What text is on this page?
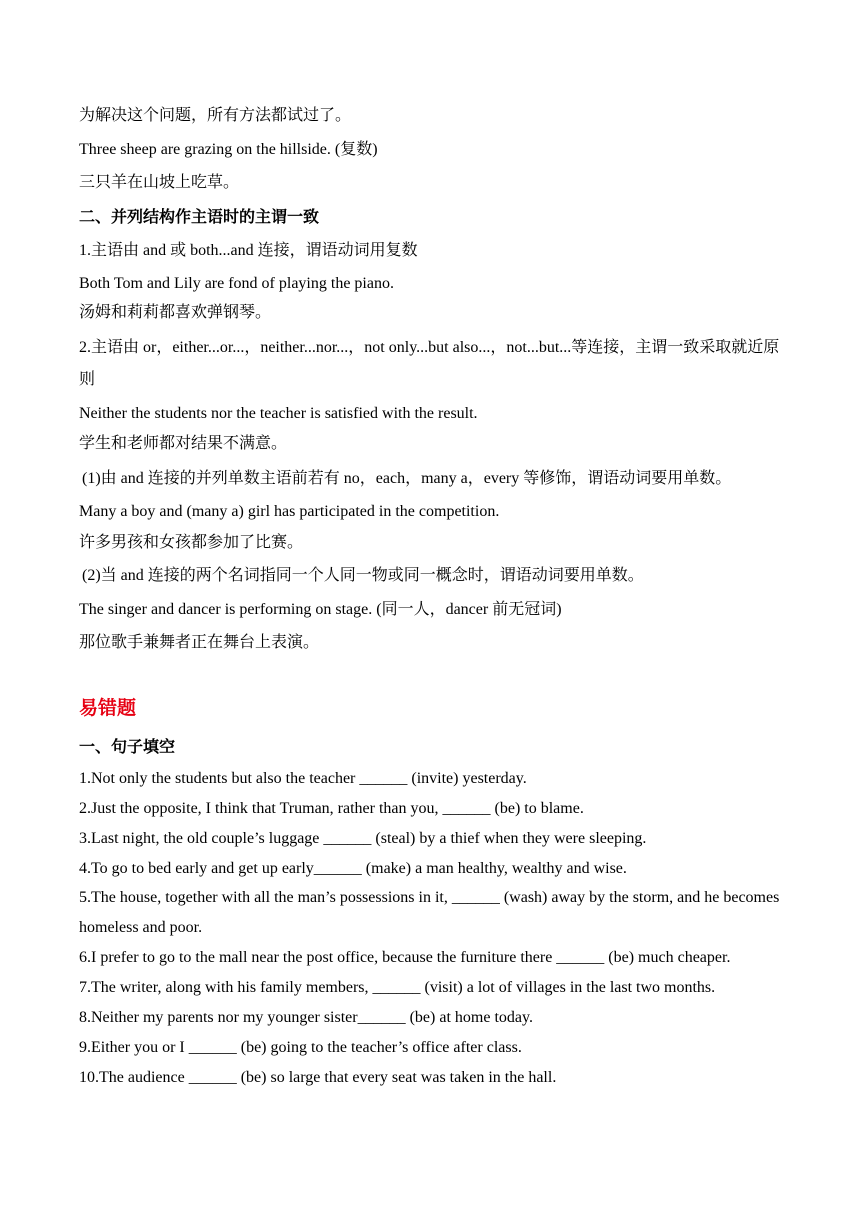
为解决这个问题，所有方法都试过了。
Three sheep are grazing on the hillside. (复数)
三只羊在山坡上吃草。
二、并列结构作主语时的主谓一致
1.主语由 and 或 both...and 连接，谓语动词用复数
Both Tom and Lily are fond of playing the piano.
汤姆和莉莉都喜欢弹钢琴。
2.主语由 or，either...or...，neither...nor...，not only...but also...，not...but...等连接，主谓一致采取就近原则
Neither the students nor the teacher is satisfied with the result.
学生和老师都对结果不满意。
(1)由 and 连接的并列单数主语前若有 no，each，many a，every 等修饰，谓语动词要用单数。
Many a boy and (many a) girl has participated in the competition.
许多男孩和女孩都参加了比赛。
(2)当 and 连接的两个名词指同一个人同一物或同一概念时，谓语动词要用单数。
The singer and dancer is performing on stage. (同一人，dancer 前无冠词)
那位歌手兼舞者正在舞台上表演。
易错题
一、句子填空
1.Not only the students but also the teacher ______ (invite) yesterday.
2.Just the opposite, I think that Truman, rather than you, ______ (be) to blame.
3.Last night, the old couple’s luggage ______ (steal) by a thief when they were sleeping.
4.To go to bed early and get up early______ (make) a man healthy, wealthy and wise.
5.The house, together with all the man’s possessions in it, ______ (wash) away by the storm, and he becomes homeless and poor.
6.I prefer to go to the mall near the post office, because the furniture there ______ (be) much cheaper.
7.The writer, along with his family members, ______ (visit) a lot of villages in the last two months.
8.Neither my parents nor my younger sister______ (be) at home today.
9.Either you or I ______ (be) going to the teacher’s office after class.
10.The audience ______ (be) so large that every seat was taken in the hall.
